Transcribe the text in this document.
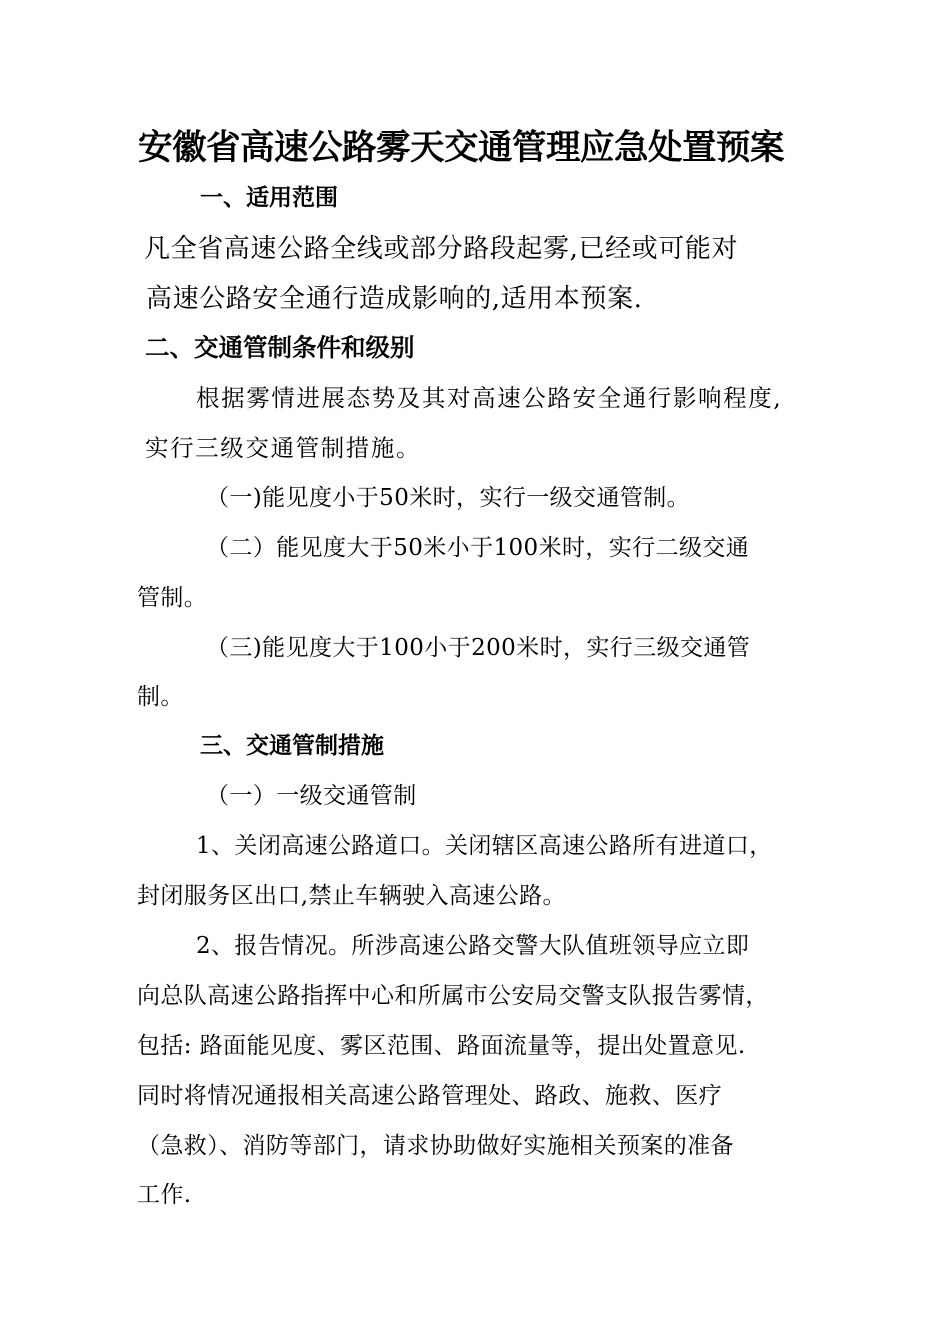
安徽省高速公路雾天交通管理应急处置预案
一、适用范围
凡全省高速公路全线或部分路段起雾,已经或可能对
高速公路安全通行造成影响的,适用本预案.
二、交通管制条件和级别
根据雾情进展态势及其对高速公路安全通行影响程度,
实行三级交通管制措施。
（一)能见度小于50米时，实行一级交通管制。
（二）能见度大于50米小于100米时，实行二级交通
管制。
（三)能见度大于100小于200米时，实行三级交通管
制。
三、交通管制措施
（一）一级交通管制
1、关闭高速公路道口。关闭辖区高速公路所有进道口，
封闭服务区出口,禁止车辆驶入高速公路。
2、报告情况。所涉高速公路交警大队值班领导应立即
向总队高速公路指挥中心和所属市公安局交警支队报告雾情，
包括: 路面能见度、雾区范围、路面流量等，提出处置意见.
同时将情况通报相关高速公路管理处、路政、施救、医疗
（急救）、消防等部门，请求协助做好实施相关预案的准备
工作.
